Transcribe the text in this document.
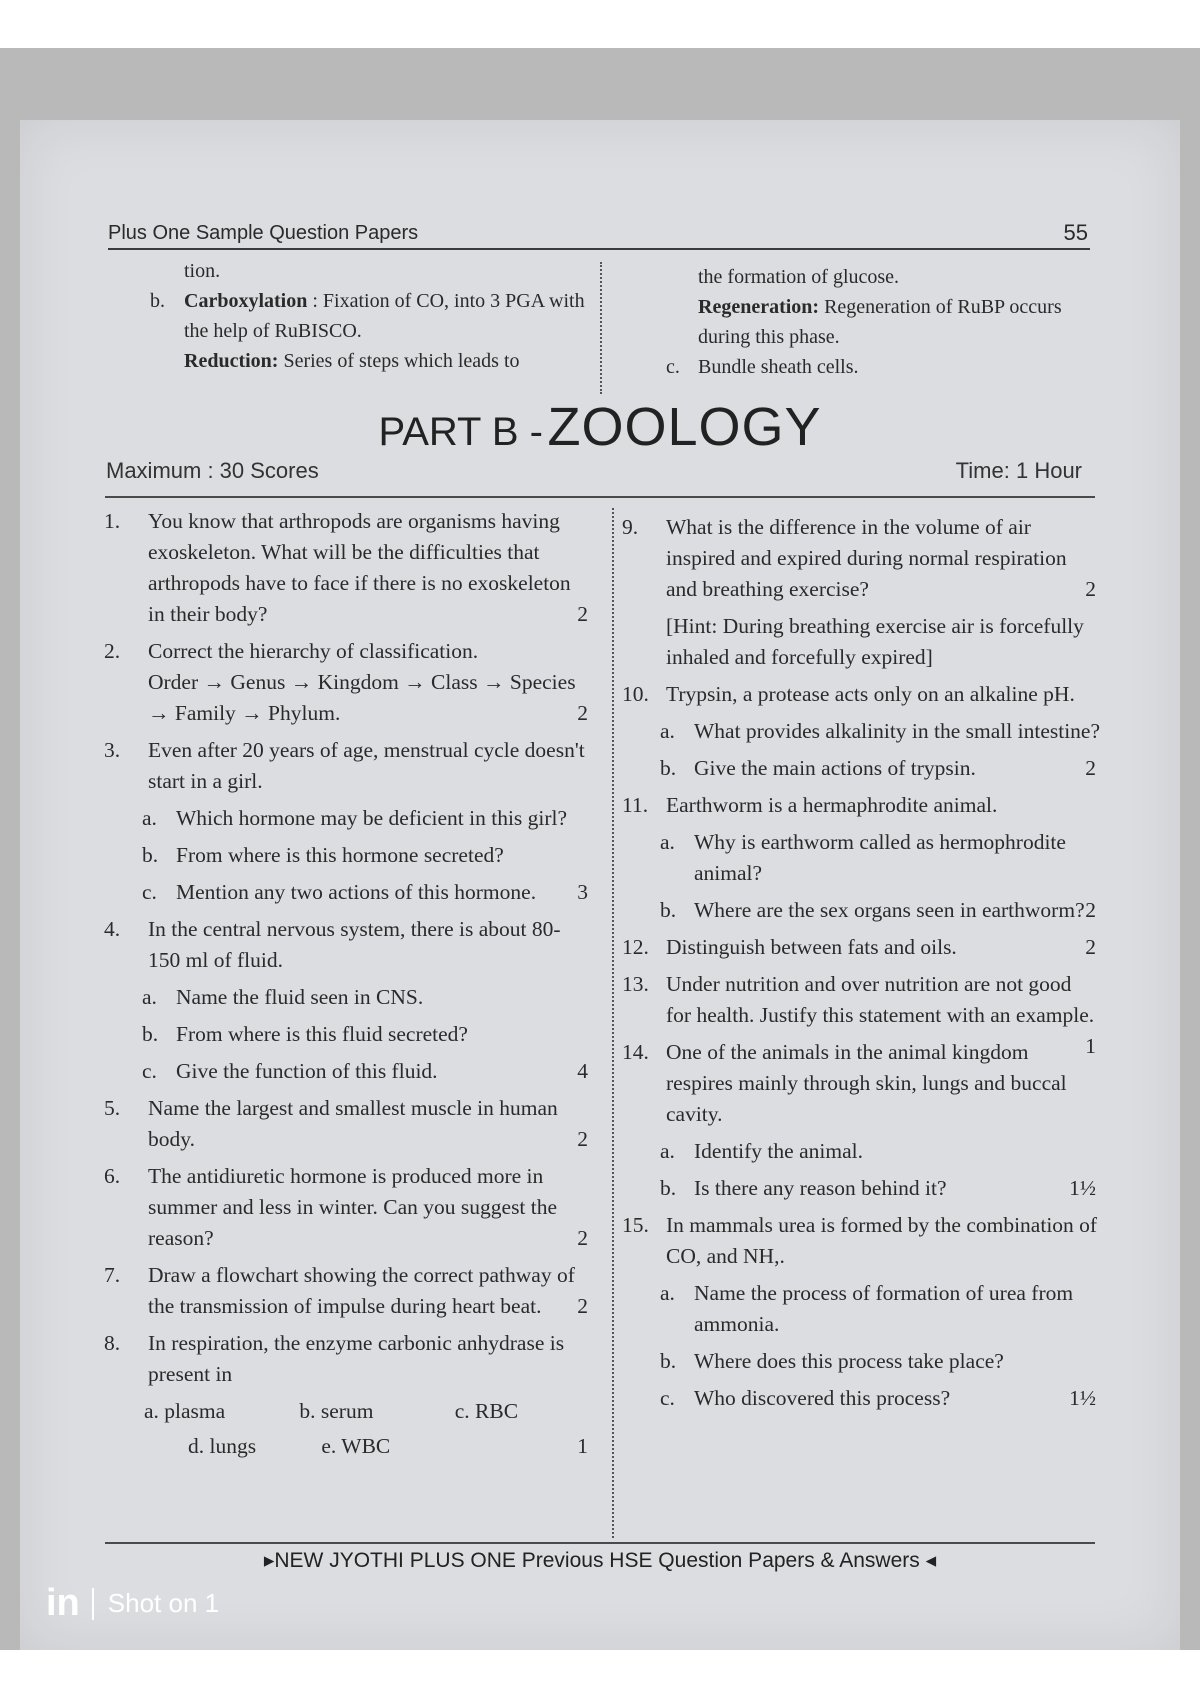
Plus One Sample Question Papers	55
tion.
b. Carboxylation : Fixation of CO, into 3 PGA with the help of RuBISCO.
Reduction: Series of steps which leads to
the formation of glucose.
Regeneration: Regeneration of RuBP occurs during this phase.
c. Bundle sheath cells.
PART B - ZOOLOGY
Maximum : 30 Scores	Time: 1 Hour
1. You know that arthropods are organisms having exoskeleton. What will be the difficulties that arthropods have to face if there is no exoskeleton in their body?	2
2. Correct the hierarchy of classification.
Order → Genus → Kingdom → Class → Species → Family → Phylum.	2
3. Even after 20 years of age, menstrual cycle doesn't start in a girl.
a. Which hormone may be deficient in this girl?
b. From where is this hormone secreted?
c. Mention any two actions of this hormone. 3
4. In the central nervous system, there is about 80-150 ml of fluid.
a. Name the fluid seen in CNS.
b. From where is this fluid secreted?
c. Give the function of this fluid.	4
5. Name the largest and smallest muscle in human body.	2
6. The antidiuretic hormone is produced more in summer and less in winter. Can you suggest the reason?	2
7. Draw a flowchart showing the correct pathway of the transmission of impulse during heart beat. 2
8. In respiration, the enzyme carbonic anhydrase is present in
a. plasma	b. serum	c. RBC
d. lungs	e. WBC	1
9. What is the difference in the volume of air inspired and expired during normal respiration and breathing exercise?	2
[Hint: During breathing exercise air is forcefully inhaled and forcefully expired]
10. Trypsin, a protease acts only on an alkaline pH.
a. What provides alkalinity in the small intestine?
b. Give the main actions of trypsin.	2
11. Earthworm is a hermaphrodite animal.
a. Why is earthworm called as hermophrodite animal?
b. Where are the sex organs seen in earthworm? 2
12. Distinguish between fats and oils.	2
13. Under nutrition and over nutrition are not good for health. Justify this statement with an example.
1
14. One of the animals in the animal kingdom respires mainly through skin, lungs and buccal cavity.
a. Identify the animal.
b. Is there any reason behind it?	1½
15. In mammals urea is formed by the combination of CO, and NH,.
a. Name the process of formation of urea from ammonia.
b. Where does this process take place?
c. Who discovered this process?	1½
▸NEW JYOTHI PLUS ONE Previous HSE Question Papers & Answers ◂
in Shot on 1
